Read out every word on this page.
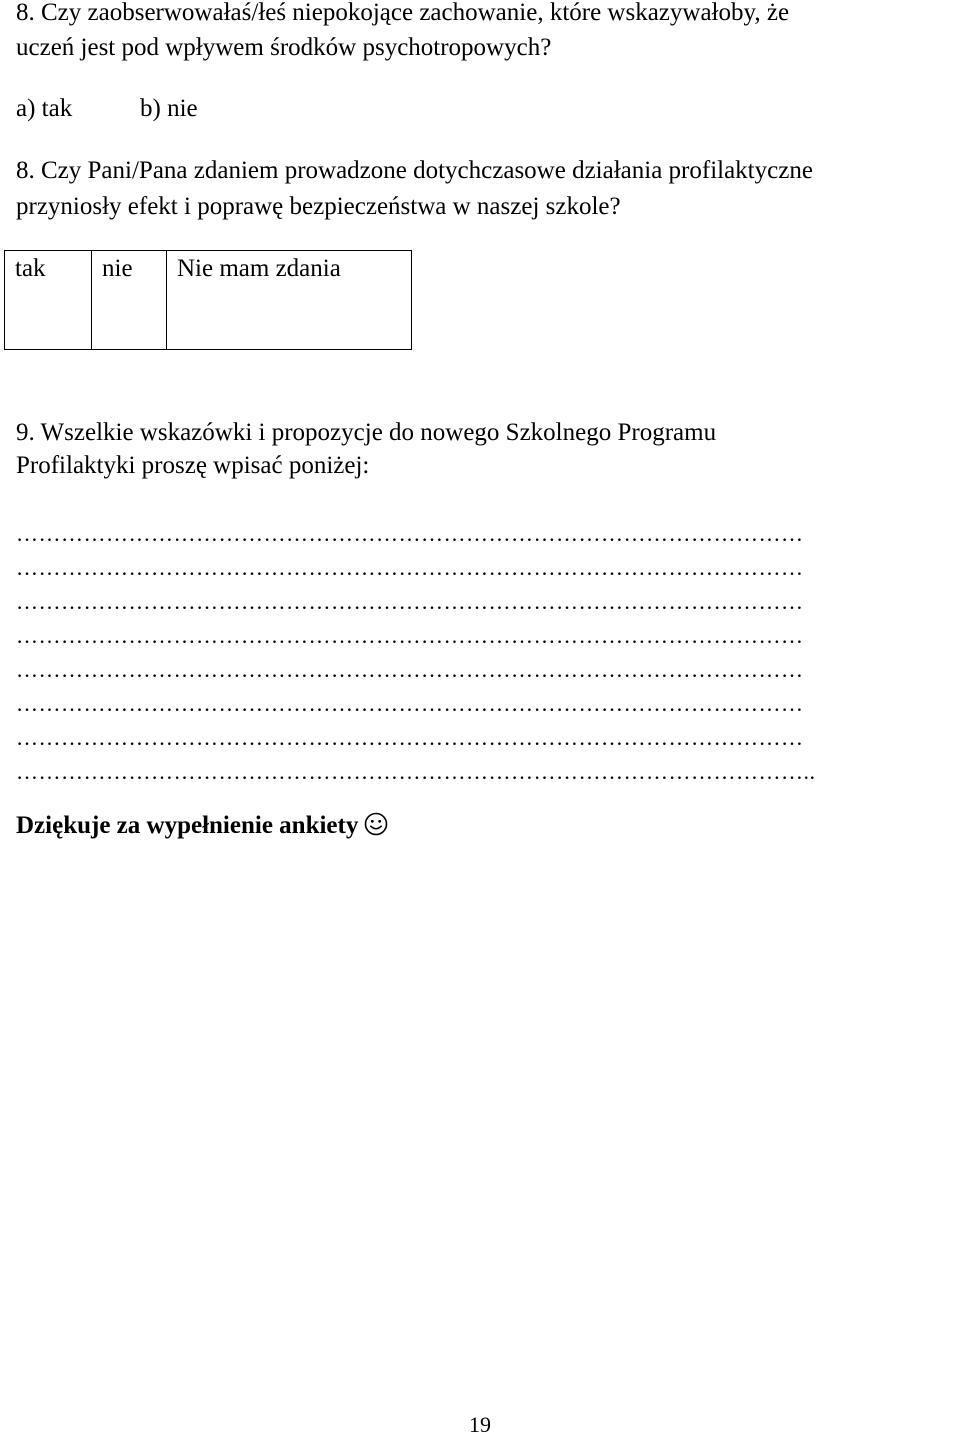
8. Czy zaobserwowałaś/łeś niepokojące zachowanie, które wskazywałoby, że
uczeń jest pod wpływem środków psychotropowych?
a) tak	b) nie
8. Czy Pani/Pana zdaniem prowadzone dotychczasowe działania profilaktyczne
przyniosły efekt i poprawę bezpieczeństwa w naszej szkole?
tak	nie	Nie mam zdania
9. Wszelkie wskazówki i propozycje do nowego Szkolnego Programu
Profilaktyki proszę wpisać poniżej:
……………………………………………………………………………………………
……………………………………………………………………………………………
……………………………………………………………………………………………
……………………………………………………………………………………………
……………………………………………………………………………………………
……………………………………………………………………………………………
……………………………………………………………………………………………
……………………………………………………………………………………………..
Dziękuje za wypełnienie ankiety
19
